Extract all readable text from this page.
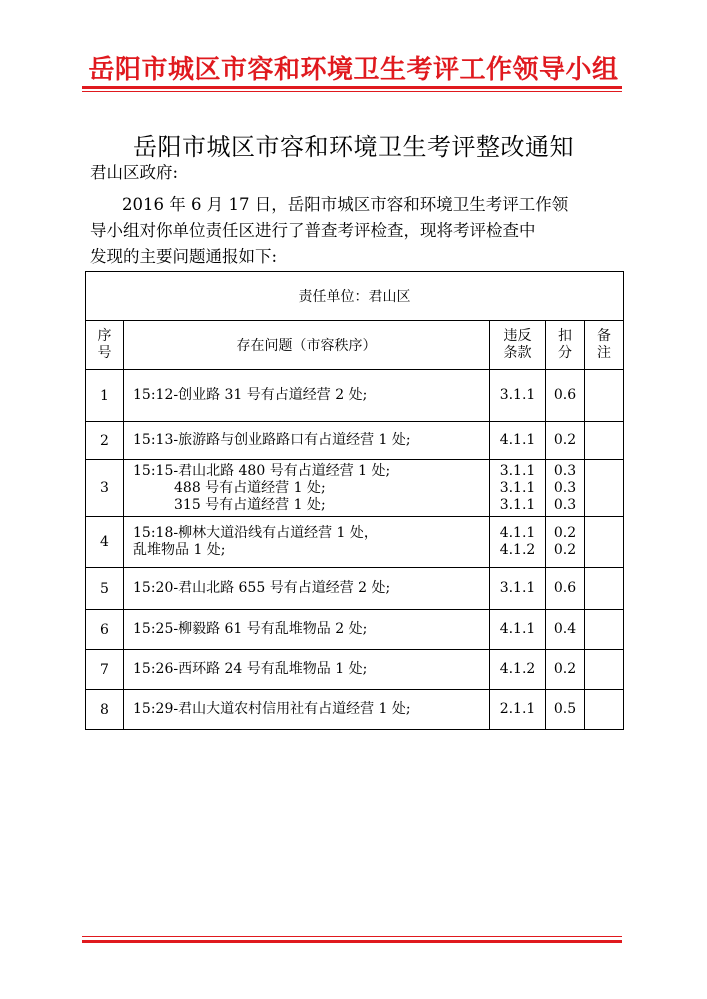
岳阳市城区市容和环境卫生考评工作领导小组
岳阳市城区市容和环境卫生考评整改通知
君山区政府:
2016 年 6 月 17 日，岳阳市城区市容和环境卫生考评工作领
导小组对你单位责任区进行了普查考评检查，现将考评检查中
发现的主要问题通报如下:
责任单位：君山区				

序
号	存在问题（市容秩序）	违反
条款	扣
分	备
注

1	15:12-创业路 31 号有占道经营 2 处;	3.1.1	0.6	

2	15:13-旅游路与创业路路口有占道经营 1 处;	4.1.1	0.2	

3	15:15-君山北路 480 号有占道经营 1 处;
488 号有占道经营 1 处;
315 号有占道经营 1 处;	3.1.1
3.1.1
3.1.1	0.3
0.3
0.3	

4	15:18-柳林大道沿线有占道经营 1 处，
乱堆物品 1 处;	4.1.1
4.1.2	0.2
0.2	

5	15:20-君山北路 655 号有占道经营 2 处;	3.1.1	0.6	

6	15:25-柳毅路 61 号有乱堆物品 2 处;	4.1.1	0.4	

7	15:26-西环路 24 号有乱堆物品 1 处;	4.1.2	0.2	

8	15:29-君山大道农村信用社有占道经营 1 处;	2.1.1	0.5	
